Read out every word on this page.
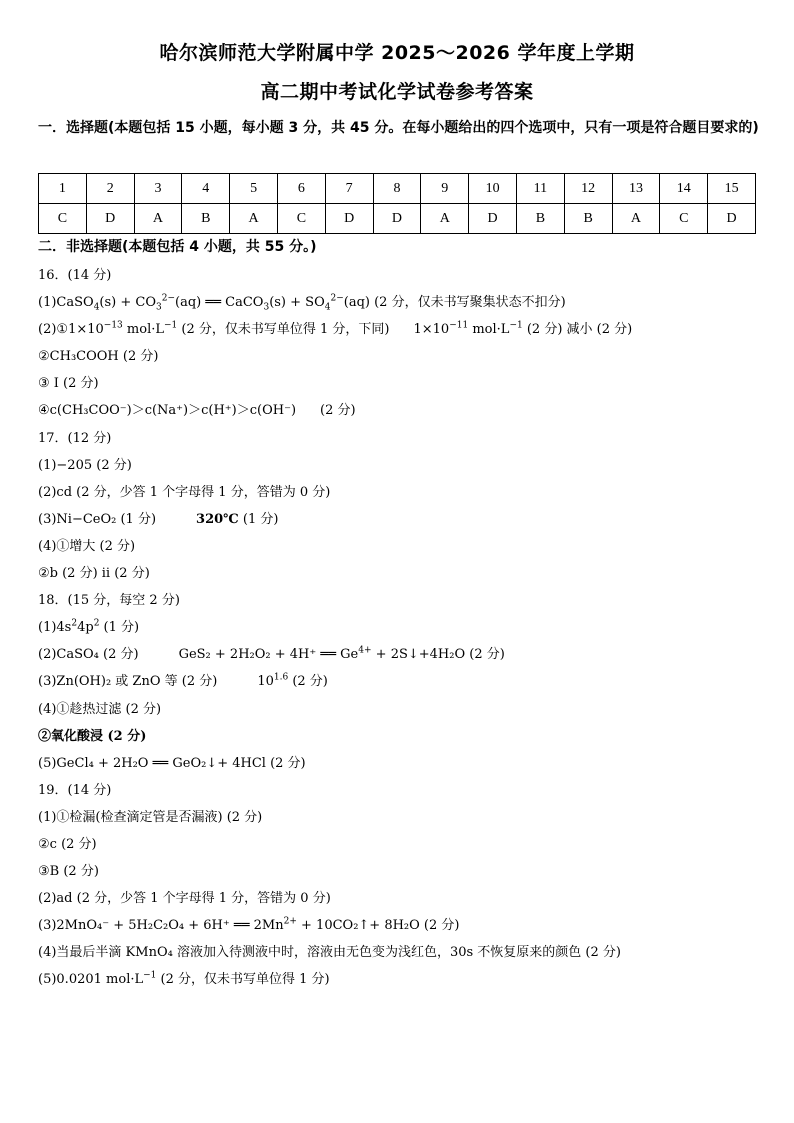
哈尔滨师范大学附属中学 2025～2026 学年度上学期
高二期中考试化学试卷参考答案
一．选择题(本题包括 15 小题，每小题 3 分，共 45 分。在每小题给出的四个选项中，只有一项是符合题目要求的)
1	2	3	4	5	6	7	8	9	10	11	12	13	14	15
C	D	A	B	A	C	D	D	A	D	B	B	A	C	D
二．非选择题(本题包括 4 小题，共 55 分。)
16．(14 分)
(1)CaSO$_4$(s) + $CO_3^{2-}(aq)$ ══ CaCO$_3$(s) + $SO_4^{2-}(aq)$ (2 分，仅未书写聚集状态不扣分)
$(2)①1\times 10^{-13}$ $mol\cdot L^{-1}$ (2 分，仅未书写单位得 1 分，下同) $1\times 10^{-11}$ $mol\cdot L^{-1}$ (2 分) 减小 (2 分)
②CH₃COOH (2 分)
③ Ⅰ (2 分)
④c(CH₃COO⁻)＞c(Na⁺)＞c(H⁺)＞c(OH⁻) (2 分)
17．(12 分)
(1)−205 (2 分)
(2)cd (2 分，少答 1 个字母得 1 分，答错为 0 分)
(3)Ni−CeO₂ (1 分)	320℃ (1 分)
(4)①增大 (2 分)
②b (2 分) ⅱ (2 分)
18．(15 分，每空 2 分)
$(1)4s^24p^2$ (1 分)
(2)CaSO₄ (2 分)	GeS₂ + 2H₂O₂ + 4H⁺ ══ $Ge^{4+}$ + 2S↓+4H₂O (2 分)
(3)Zn(OH)₂ 或 ZnO 等 (2 分)	$10^{1.6}$ (2 分)
(4)①趁热过滤 (2 分)
②氧化酸浸 (2 分)
(5)GeCl₄ + 2H₂O ══ GeO₂↓+ 4HCl (2 分)
19．(14 分)
(1)①检漏(检查滴定管是否漏液) (2 分)
②c (2 分)
③B (2 分)
(2)ad (2 分，少答 1 个字母得 1 分，答错为 0 分)
(3)2MnO₄⁻ + 5H₂C₂O₄ + 6H⁺ ══ $2Mn^{2+}$ + 10CO₂↑+ 8H₂O (2 分)
(4)当最后半滴 KMnO₄ 溶液加入待测液中时，溶液由无色变为浅红色，30s 不恢复原来的颜色 (2 分)
(5)0.0201 $mol\cdot L^{-1}$ (2 分，仅未书写单位得 1 分)
